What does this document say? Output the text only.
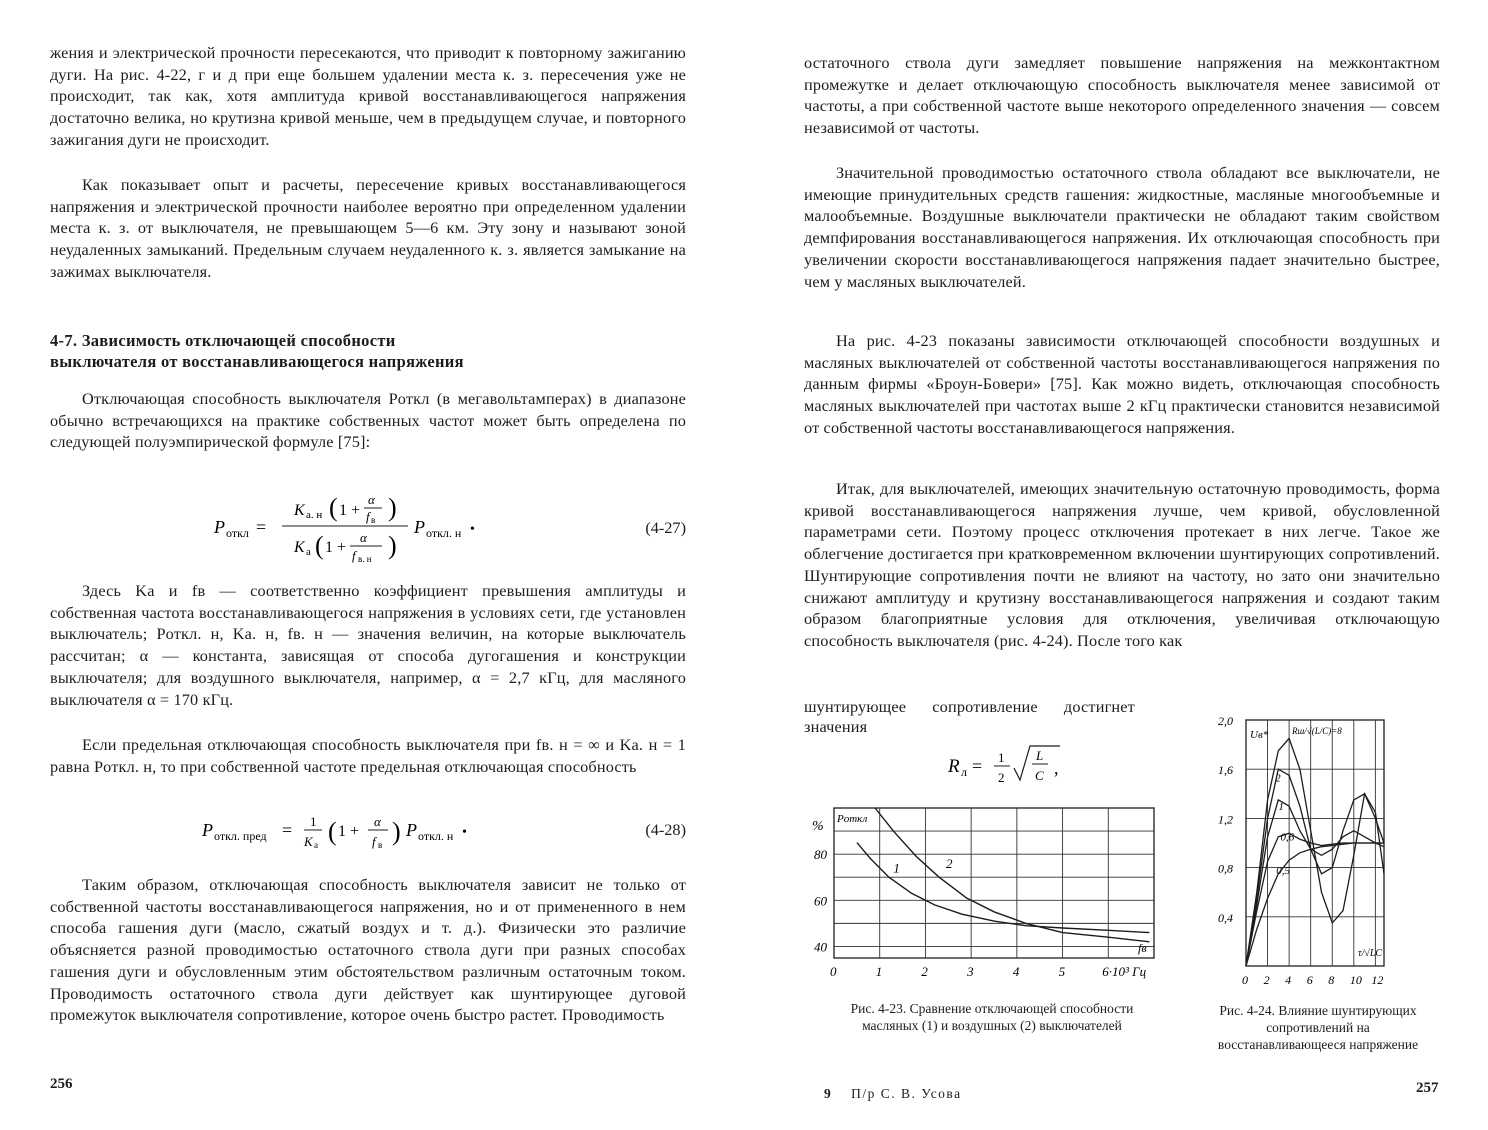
жения и электрической прочности пересекаются, что приводит к повторному зажиганию дуги. На рис. 4-22, г и д при еще большем удалении места к. з. пересечения уже не происходит, так как, хотя амплитуда кривой восстанавливающегося напряжения достаточно велика, но крутизна кривой меньше, чем в предыдущем случае, и повторного зажигания дуги не происходит.

Как показывает опыт и расчеты, пересечение кривых восстанавливающегося напряжения и электрической прочности наиболее вероятно при определенном удалении места к. з. от выключателя, не превышающем 5—6 км. Эту зону и называют зоной неудаленных замыканий. Предельным случаем неудаленного к. з. является замыкание на зажимах выключателя.

4-7. Зависимость отключающей способности
выключателя от восстанавливающегося напряжения

Отключающая способность выключателя Pоткл (в мегавольтамперах) в диапазоне обычно встречающихся на практике собственных частот может быть определена по следующей полуэмпирической формуле [75]:

P откл =
K а. н ( 1 +
α
f в )
K а ( 1 +
α
f в. н )
P откл. н •	(4-27)

Здесь Kа и fв — соответственно коэффициент превышения амплитуды и собственная частота восстанавливающегося напряжения в условиях сети, где установлен выключатель; Pоткл. н, Kа. н, fв. н — значения величин, на которые выключатель рассчитан; α — константа, зависящая от способа дугогашения и конструкции выключателя; для воздушного выключателя, например, α = 2,7 кГц, для масляного выключателя α = 170 кГц.

Если предельная отключающая способность выключателя при fв. н = ∞ и Kа. н = 1 равна Pоткл. н, то при собственной частоте предельная отключающая способность

P откл. пред = 1
K а ( 1 +
α
f в ) P откл. н •	(4-28)

Таким образом, отключающая способность выключателя зависит не только от собственной частоты восстанавливающегося напряжения, но и от примененного в нем способа гашения дуги (масло, сжатый воздух и т. д.). Физически это различие объясняется разной проводимостью остаточного ствола дуги при разных способах гашения дуги и обусловленным этим обстоятельством различным остаточным током. Проводимость остаточного ствола дуги действует как шунтирующее дуговой промежуток выключателя сопротивление, которое очень быстро растет. Проводимость

256

остаточного ствола дуги замедляет повышение напряжения на межконтактном промежутке и делает отключающую способность выключателя менее зависимой от частоты, а при собственной частоте выше некоторого определенного значения — совсем независимой от частоты.

Значительной проводимостью остаточного ствола обладают все выключатели, не имеющие принудительных средств гашения: жидкостные, масляные многообъемные и малообъемные. Воздушные выключатели практически не обладают таким свойством демпфирования восстанавливающегося напряжения. Их отключающая способность при увеличении скорости восстанавливающегося напряжения падает значительно быстрее, чем у масляных выключателей.

На рис. 4-23 показаны зависимости отключающей способности воздушных и масляных выключателей от собственной частоты восстанавливающегося напряжения по данным фирмы «Броун-Бовери» [75]. Как можно видеть, отключающая способность масляных выключателей при частотах выше 2 кГц практически становится независимой от собственной частоты восстанавливающегося напряжения.

Итак, для выключателей, имеющих значительную остаточную проводимость, форма кривой восстанавливающегося напряжения лучше, чем кривой, обусловленной параметрами сети. Поэтому процесс отключения протекает в них легче. Такое же облегчение достигается при кратковременном включении шунтирующих сопротивлений. Шунтирующие сопротивления почти не влияют на частоту, но зато они значительно снижают амплитуду и крутизну восстанавливающегося напряжения и создают таким образом благоприятные условия для отключения, увеличивая отключающую способность выключателя (рис. 4-24). После того как

шунтирующее сопротивление достигнет
значения
R л = 1
2
L
C ,
0	1	2	3	4	5	6·10³ Гц
40
60
80
% Pоткл
fв
1	2

Рис. 4-23. Сравнение отключающей способности масляных (1) и воздушных (2) выключателей

0 2 4 6 8 10 12
0,4
0,8
1,2
1,6
2,0
Uв*	Rш/√(L/C)=8
τ/√LC
2
1
0,6
0,5

Рис. 4-24. Влияние шунтирующих сопротивлений на восстанавливающееся напряжение

9 П/р С. В. Усова	257
